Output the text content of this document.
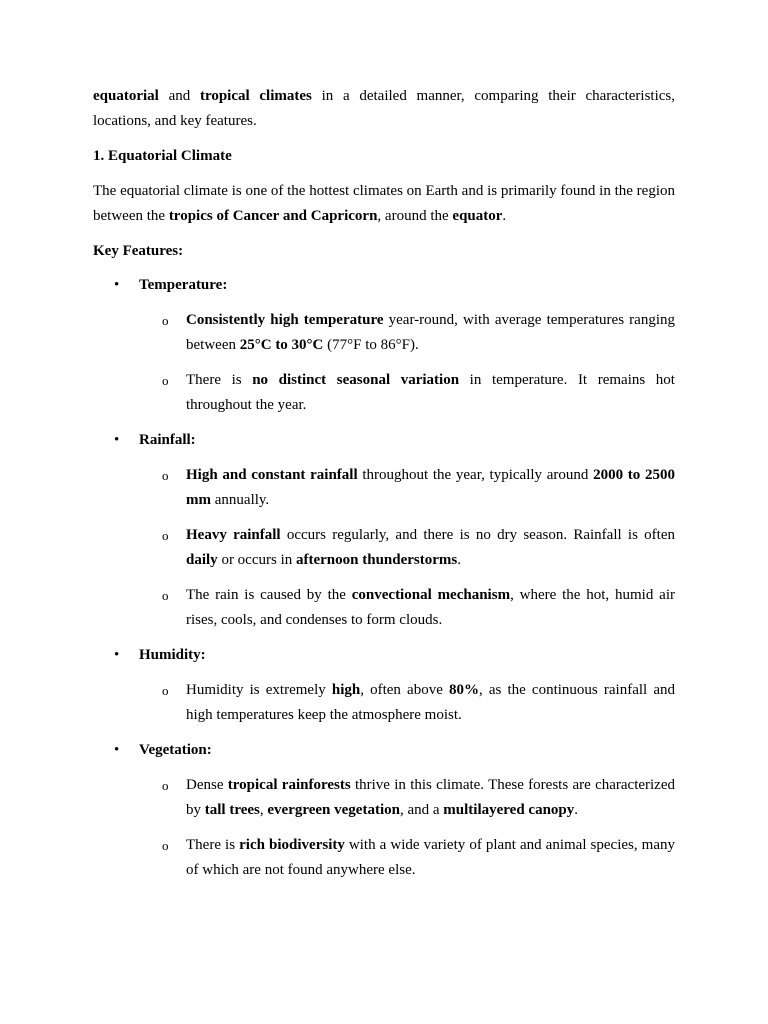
equatorial and tropical climates in a detailed manner, comparing their characteristics, locations, and key features.

1. Equatorial Climate

The equatorial climate is one of the hottest climates on Earth and is primarily found in the region between the tropics of Cancer and Capricorn, around the equator.

Key Features:

• Temperature:

o Consistently high temperature year-round, with average temperatures ranging between 25°C to 30°C (77°F to 86°F).
o There is no distinct seasonal variation in temperature. It remains hot throughout the year.
• Rainfall:

o High and constant rainfall throughout the year, typically around 2000 to 2500 mm annually.
o Heavy rainfall occurs regularly, and there is no dry season. Rainfall is often daily or occurs in afternoon thunderstorms.
o The rain is caused by the convectional mechanism, where the hot, humid air rises, cools, and condenses to form clouds.
• Humidity:

o Humidity is extremely high, often above 80%, as the continuous rainfall and high temperatures keep the atmosphere moist.
• Vegetation:

o Dense tropical rainforests thrive in this climate. These forests are characterized by tall trees, evergreen vegetation, and a multilayered canopy.
o There is rich biodiversity with a wide variety of plant and animal species, many of which are not found anywhere else.
